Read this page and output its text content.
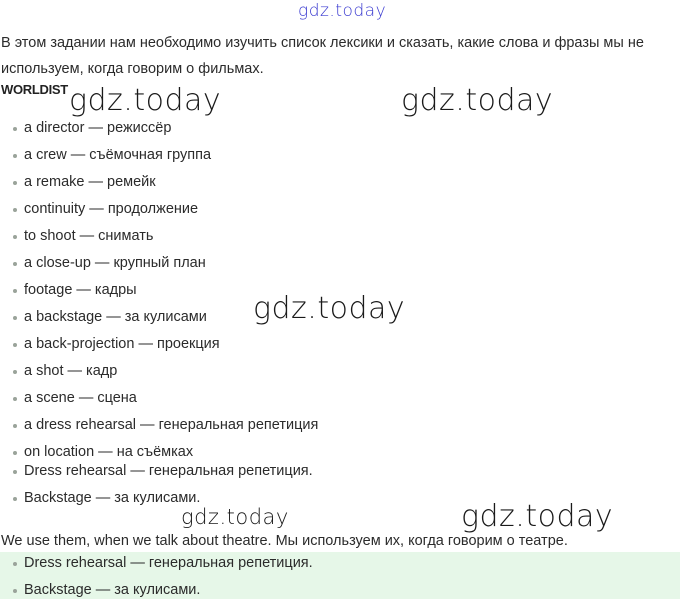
gdz.today
В этом задании нам необходимо изучить список лексики и сказать, какие слова и фразы мы не используем, когда говорим о фильмах.
WORLDIST
a director — режиссёр
a crew — съёмочная группа
a remake — ремейк
continuity — продолжение
to shoot — снимать
a close-up — крупный план
footage — кадры
a backstage — за кулисами
a back-projection — проекция
a shot — кадр
a scene — сцена
a dress rehearsal — генеральная репетиция
on location — на съёмках
Dress rehearsal — генеральная репетиция.
Backstage — за кулисами.
We use them, when we talk about theatre. Мы используем их, когда говорим о театре.
Dress rehearsal — генеральная репетиция.
Backstage — за кулисами.
gdz.today	gdz.today
gdz.today
gdz.today	gdz.today
